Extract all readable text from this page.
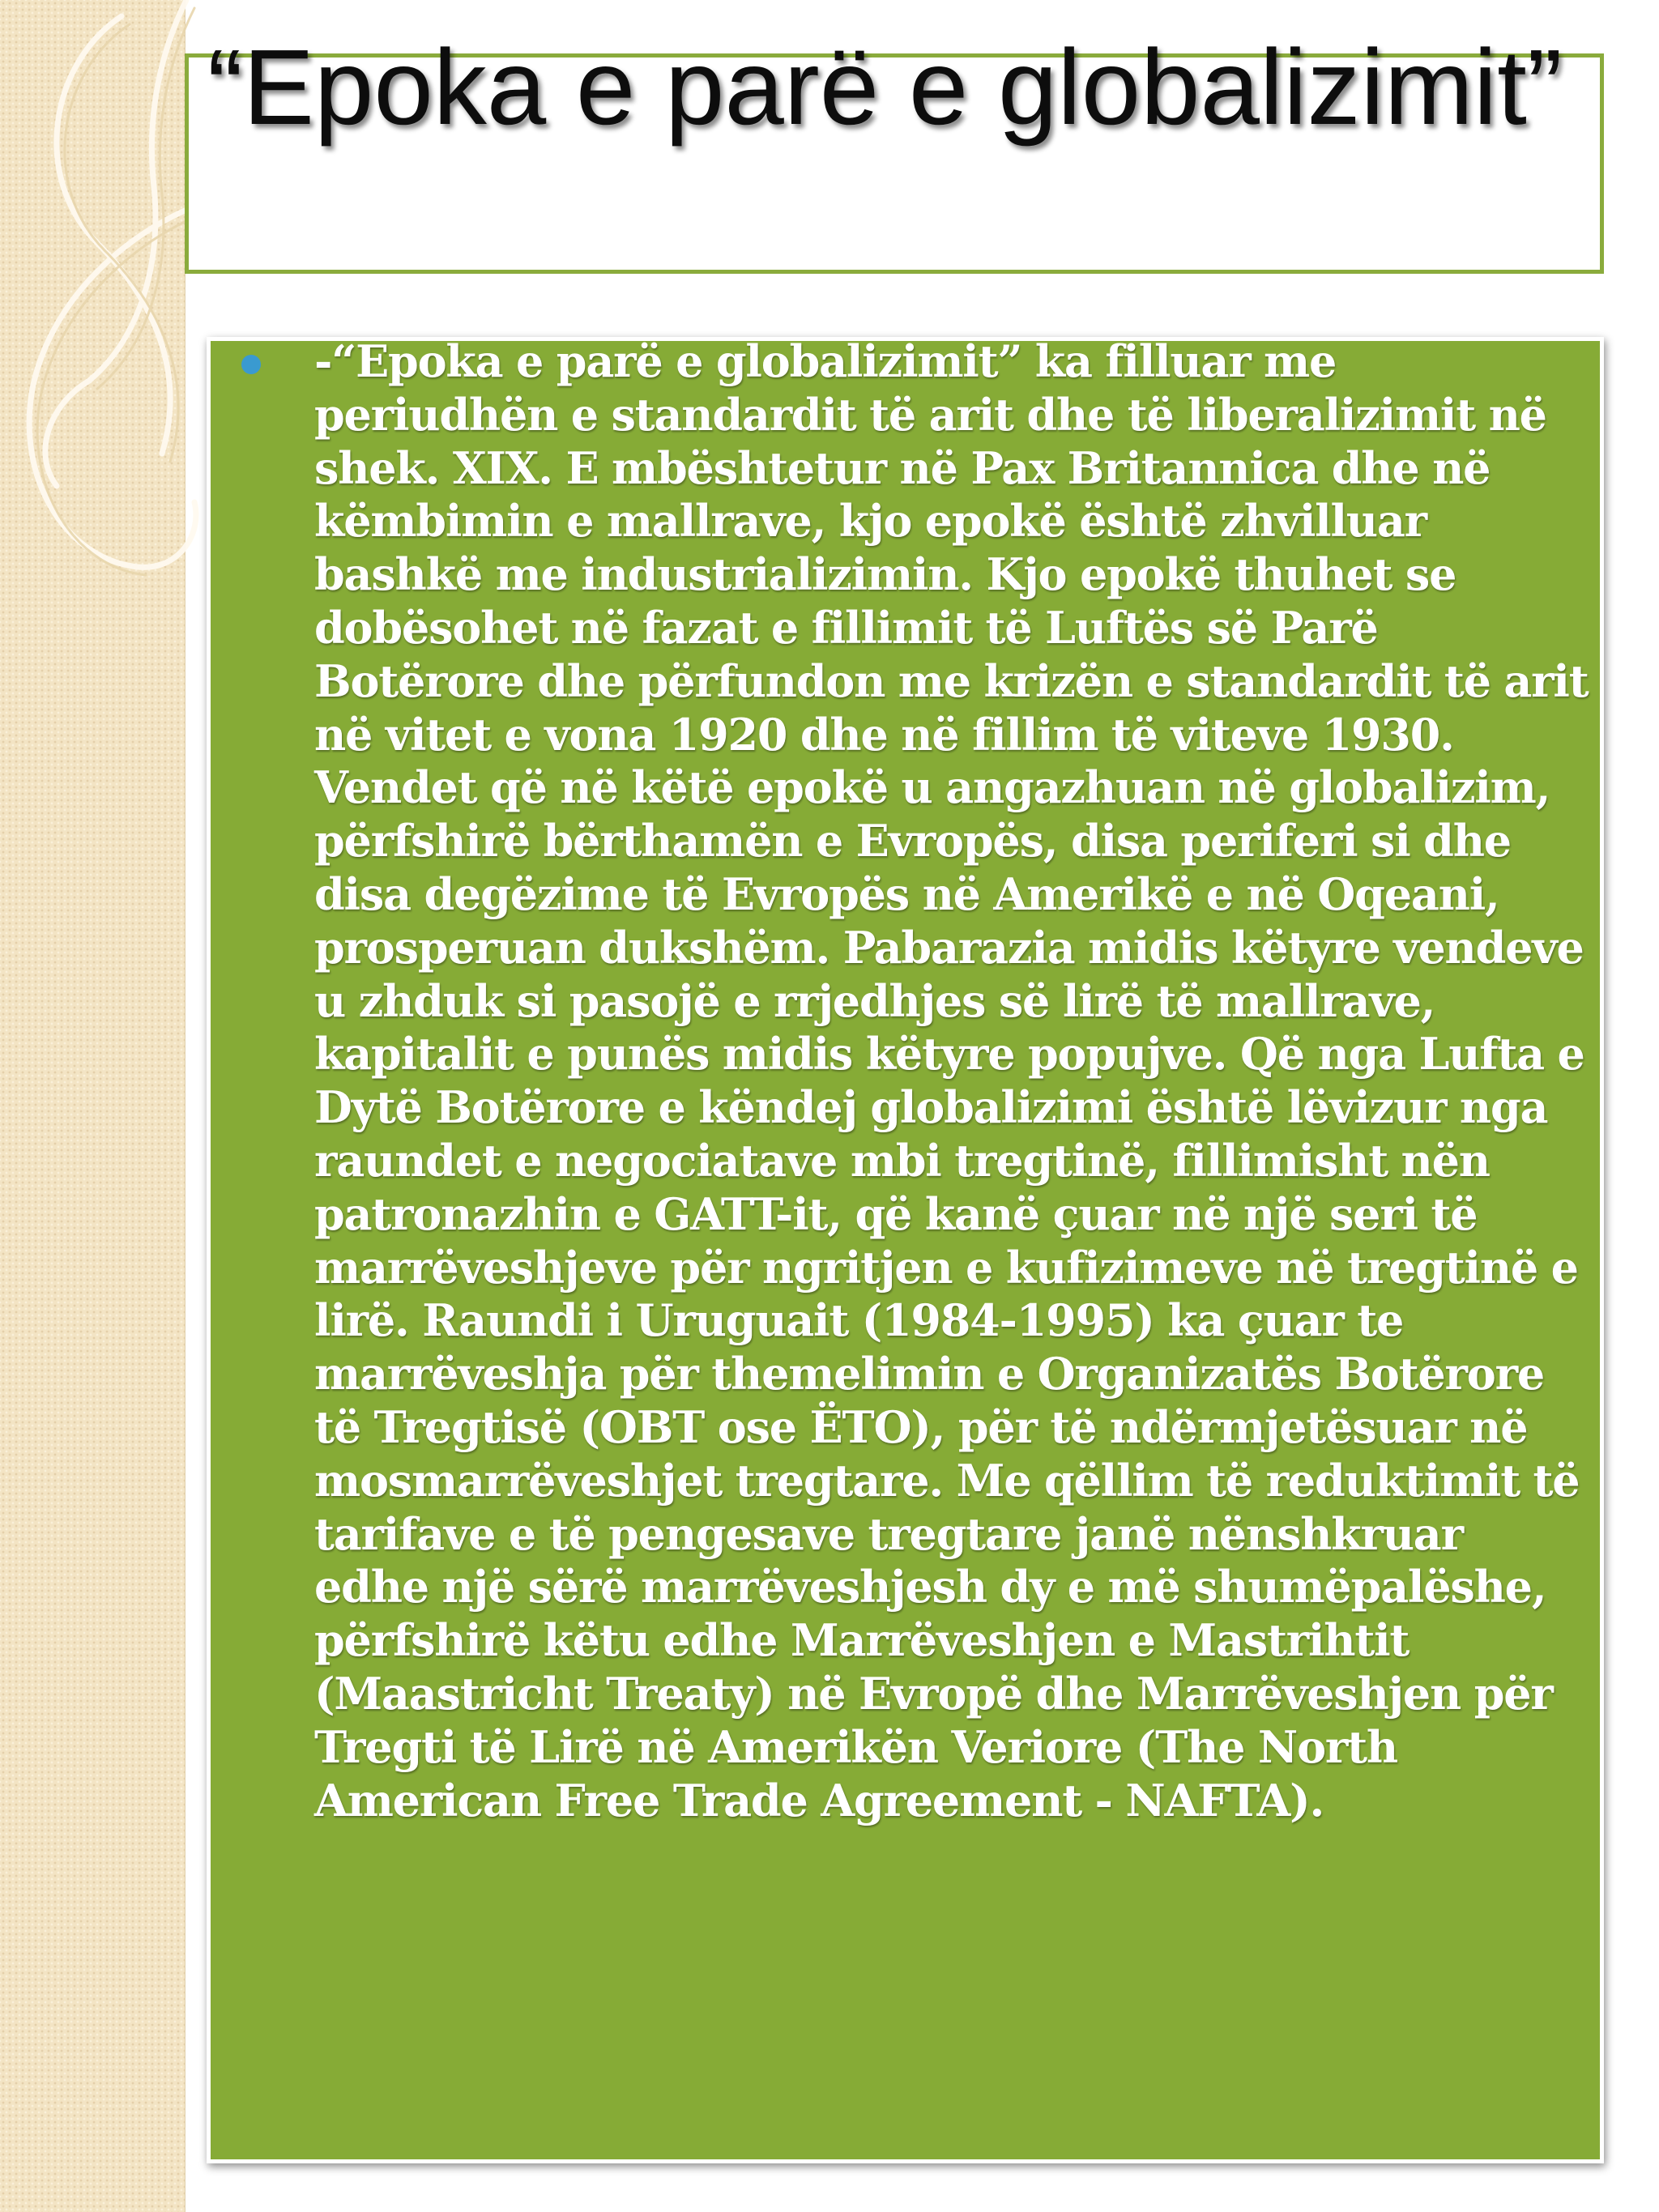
“Epoka e parë e globalizimit”

-“Epoka e parë e globalizimit” ka filluar me periudhën e standardit të arit dhe të liberalizimit në shek. XIX. E mbështetur në Pax Britannica dhe në këmbimin e mallrave, kjo epokë është zhvilluar bashkë me industrializimin. Kjo epokë thuhet se dobësohet në fazat e fillimit të Luftës së Parë Botërore dhe përfundon me krizën e standardit të arit në vitet e vona 1920 dhe në fillim të viteve 1930. Vendet që në këtë epokë u angazhuan në globalizim, përfshirë bërthamën e Evropës, disa periferi si dhe disa degëzime të Evropës në Amerikë e në Oqeani, prosperuan dukshëm. Pabarazia midis këtyre vendeve u zhduk si pasojë e rrjedhjes së lirë të mallrave, kapitalit e punës midis këtyre popujve. Që nga Lufta e Dytë Botërore e këndej globalizimi është lëvizur nga raundet e negociatave mbi tregtinë, fillimisht nën patronazhin e GATT-it, që kanë çuar në një seri të marrëveshjeve për ngritjen e kufizimeve në tregtinë e lirë. Raundi i Uruguait (1984-1995) ka çuar te marrëveshja për themelimin e Organizatës Botërore të Tregtisë (OBT ose ËTO), për të ndërmjetësuar në mosmarrëveshjet tregtare. Me qëllim të reduktimit të tarifave e të pengesave tregtare janë nënshkruar edhe një sërë marrëveshjesh dy e më shumëpalëshe, përfshirë këtu edhe Marrëveshjen e Mastrihtit (Maastricht Treaty) në Evropë dhe Marrëveshjen për Tregti të Lirë në Amerikën Veriore (The North American Free Trade Agreement - NAFTA).
